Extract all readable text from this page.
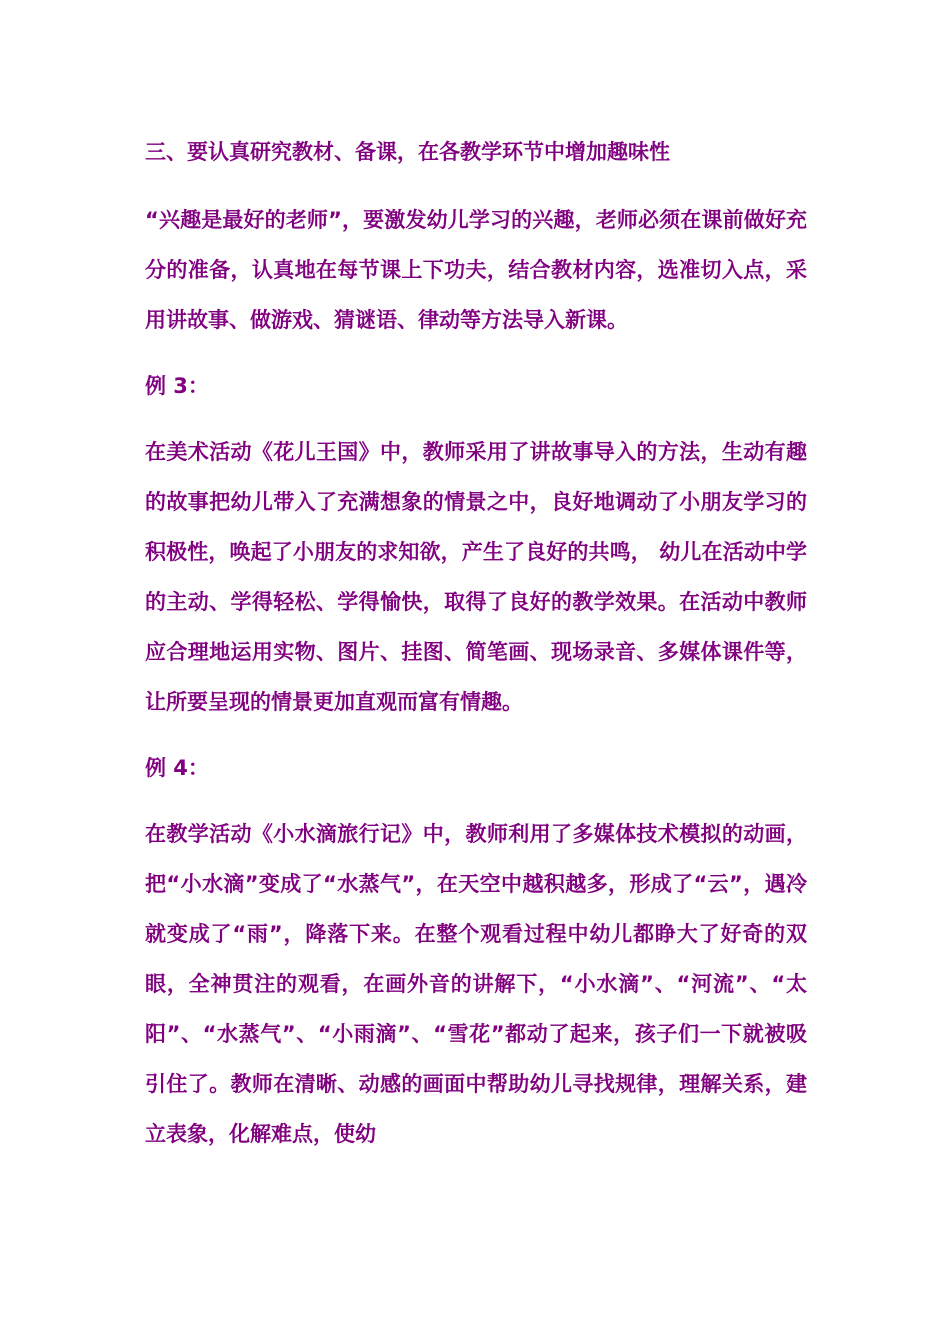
三、要认真研究教材、备课，在各教学环节中增加趣味性
“兴趣是最好的老师”，要激发幼儿学习的兴趣，老师必须在课前做好充分的准备，认真地在每节课上下功夫，结合教材内容，选准切入点，采用讲故事、做游戏、猜谜语、律动等方法导入新课。
例 3：
在美术活动《花儿王国》中，教师采用了讲故事导入的方法，生动有趣的故事把幼儿带入了充满想象的情景之中，良好地调动了小朋友学习的积极性，唤起了小朋友的求知欲，产生了良好的共鸣， 幼儿在活动中学的主动、学得轻松、学得愉快，取得了良好的教学效果。在活动中教师应合理地运用实物、图片、挂图、简笔画、现场录音、多媒体课件等，让所要呈现的情景更加直观而富有情趣。
例 4：
在教学活动《小水滴旅行记》中，教师利用了多媒体技术模拟的动画，把“小水滴”变成了“水蒸气”，在天空中越积越多，形成了“云”，遇冷就变成了“雨”，降落下来。在整个观看过程中幼儿都睁大了好奇的双眼，全神贯注的观看，在画外音的讲解下，“小水滴”、“河流”、“太阳”、“水蒸气”、“小雨滴”、“雪花”都动了起来，孩子们一下就被吸引住了。教师在清晰、动感的画面中帮助幼儿寻找规律，理解关系，建立表象，化解难点，使幼
